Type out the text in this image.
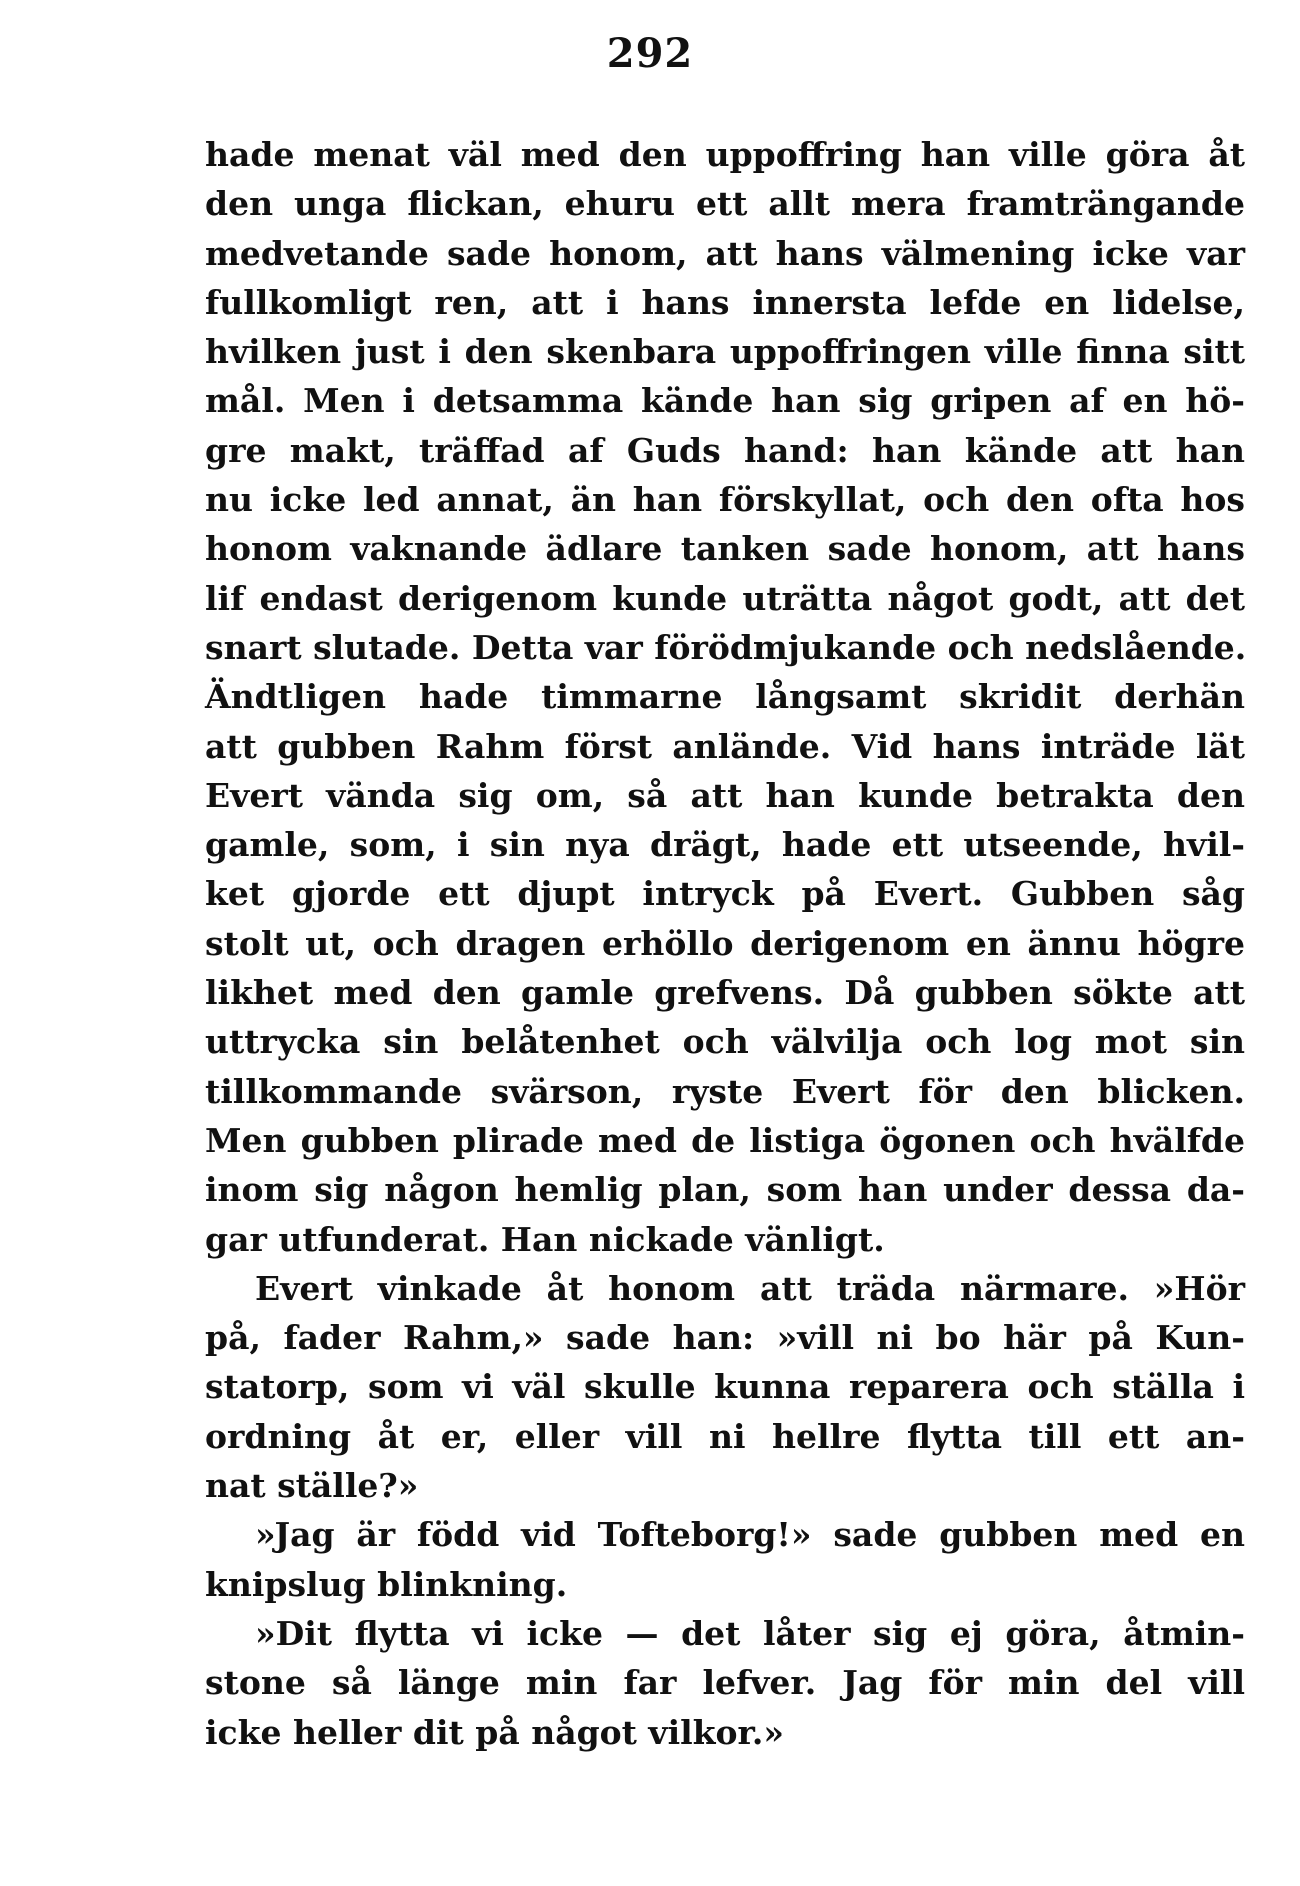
292
hade menat väl med den uppoffring han ville göra åt
den unga flickan, ehuru ett allt mera framträngande
medvetande sade honom, att hans välmening icke var
fullkomligt ren, att i hans innersta lefde en lidelse,
hvilken just i den skenbara uppoffringen ville finna sitt
mål. Men i detsamma kände han sig gripen af en hö-
gre makt, träffad af Guds hand: han kände att han
nu icke led annat, än han förskyllat, och den ofta hos
honom vaknande ädlare tanken sade honom, att hans
lif endast derigenom kunde uträtta något godt, att det
snart slutade. Detta var förödmjukande och nedslående.
Ändtligen hade timmarne långsamt skridit derhän
att gubben Rahm först anlände. Vid hans inträde lät
Evert vända sig om, så att han kunde betrakta den
gamle, som, i sin nya drägt, hade ett utseende, hvil-
ket gjorde ett djupt intryck på Evert. Gubben såg
stolt ut, och dragen erhöllo derigenom en ännu högre
likhet med den gamle grefvens. Då gubben sökte att
uttrycka sin belåtenhet och välvilja och log mot sin
tillkommande svärson, ryste Evert för den blicken.
Men gubben plirade med de listiga ögonen och hvälfde
inom sig någon hemlig plan, som han under dessa da-
gar utfunderat. Han nickade vänligt.
Evert vinkade åt honom att träda närmare. »Hör
på, fader Rahm,» sade han: »vill ni bo här på Kun-
statorp, som vi väl skulle kunna reparera och ställa i
ordning åt er, eller vill ni hellre flytta till ett an-
nat ställe?»
»Jag är född vid Tofteborg!» sade gubben med en
knipslug blinkning.
»Dit flytta vi icke — det låter sig ej göra, åtmin-
stone så länge min far lefver. Jag för min del vill
icke heller dit på något vilkor.»
